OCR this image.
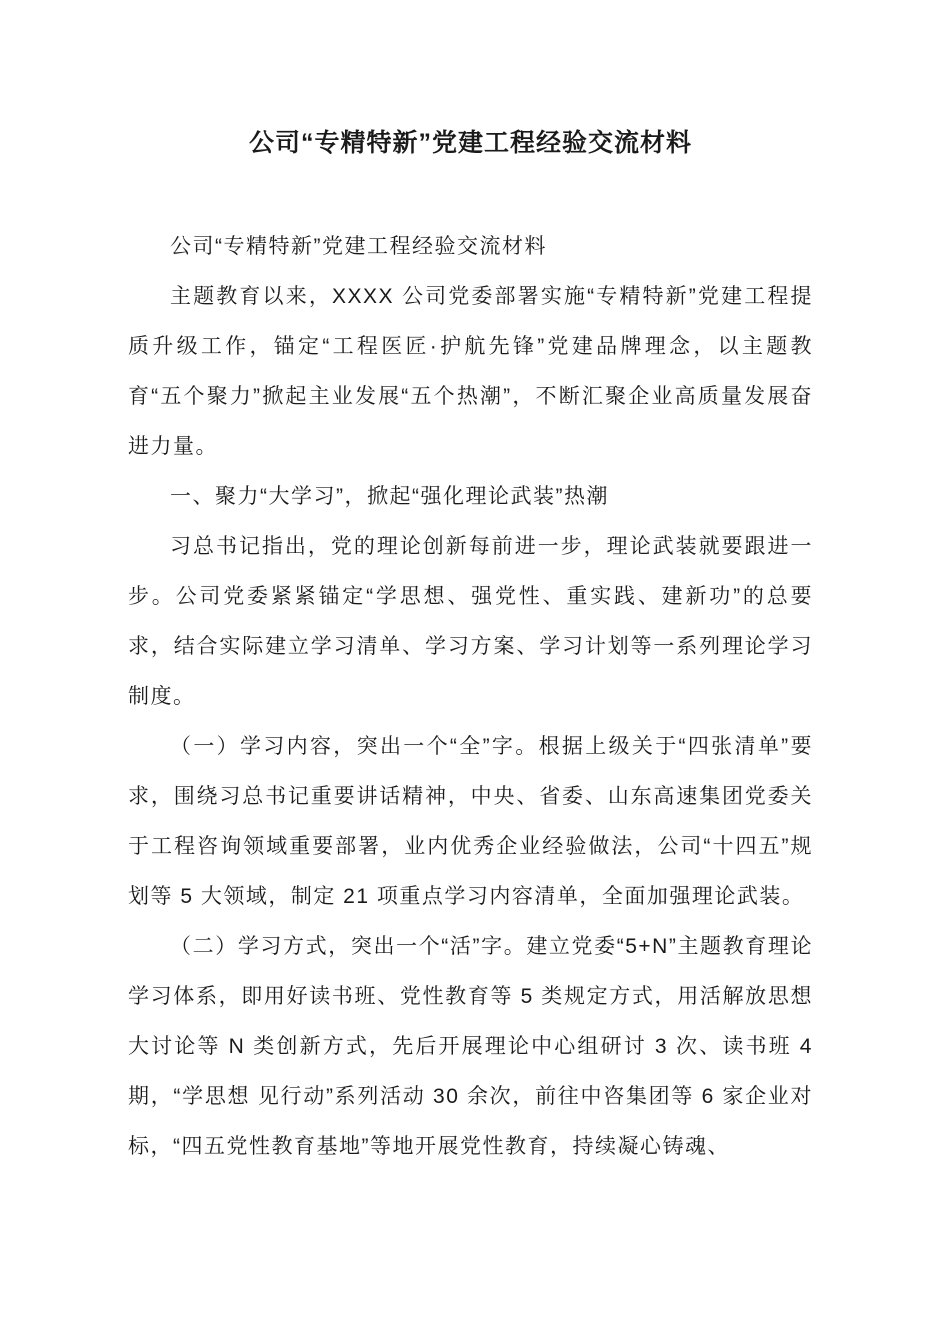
公司“专精特新”党建工程经验交流材料

公司“专精特新”党建工程经验交流材料

主题教育以来，XXXX 公司党委部署实施“专精特新”党建工程提质升级工作，锚定“工程医匠·护航先锋”党建品牌理念，以主题教育“五个聚力”掀起主业发展“五个热潮”，不断汇聚企业高质量发展奋进力量。

一、聚力“大学习”，掀起“强化理论武装”热潮

习总书记指出，党的理论创新每前进一步，理论武装就要跟进一步。公司党委紧紧锚定“学思想、强党性、重实践、建新功”的总要求，结合实际建立学习清单、学习方案、学习计划等一系列理论学习制度。

（一）学习内容，突出一个“全”字。根据上级关于“四张清单”要求，围绕习总书记重要讲话精神，中央、省委、山东高速集团党委关于工程咨询领域重要部署，业内优秀企业经验做法，公司“十四五”规划等 5 大领域，制定 21 项重点学习内容清单，全面加强理论武装。

（二）学习方式，突出一个“活”字。建立党委“5+N”主题教育理论学习体系，即用好读书班、党性教育等 5 类规定方式，用活解放思想大讨论等 N 类创新方式，先后开展理论中心组研讨 3 次、读书班 4 期，“学思想 见行动”系列活动 30 余次，前往中咨集团等 6 家企业对标，“四五党性教育基地”等地开展党性教育，持续凝心铸魂、
